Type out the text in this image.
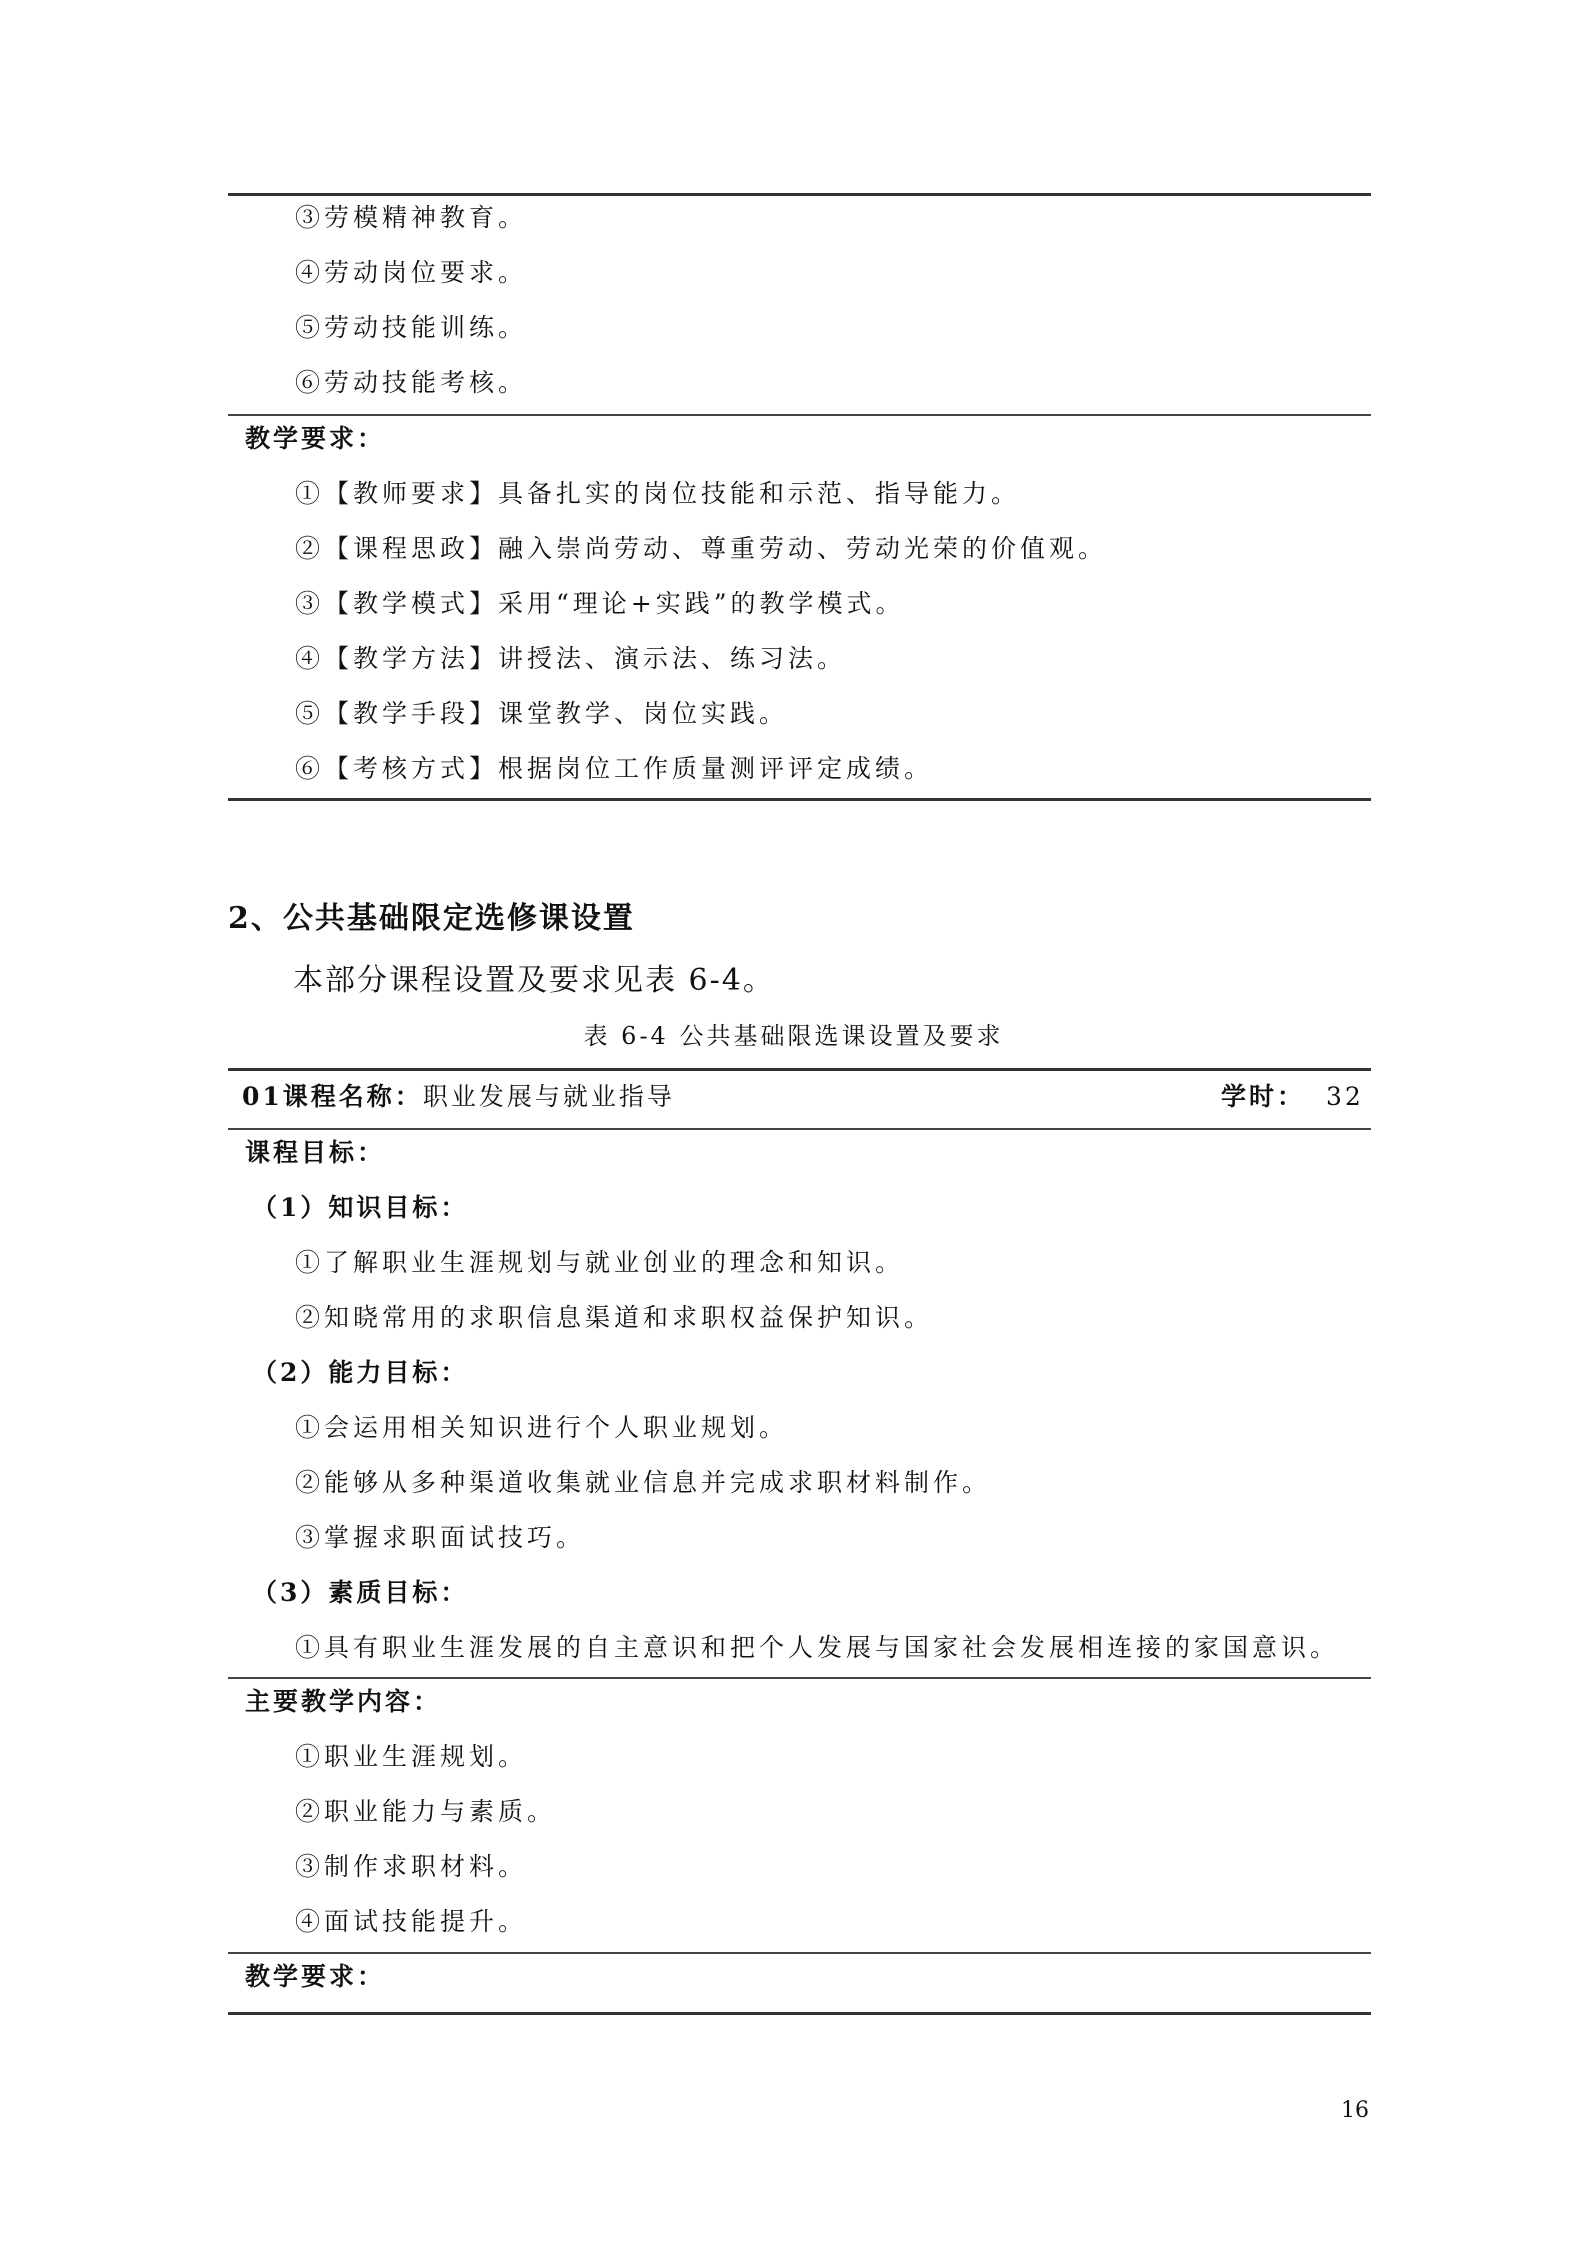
③劳模精神教育。
④劳动岗位要求。
⑤劳动技能训练。
⑥劳动技能考核。
教学要求：
①【教师要求】具备扎实的岗位技能和示范、指导能力。
②【课程思政】融入崇尚劳动、尊重劳动、劳动光荣的价值观。
③【教学模式】采用“理论+实践”的教学模式。
④【教学方法】讲授法、演示法、练习法。
⑤【教学手段】课堂教学、岗位实践。
⑥【考核方式】根据岗位工作质量测评评定成绩。
2、公共基础限定选修课设置
本部分课程设置及要求见表 6-4。
表 6-4 公共基础限选课设置及要求
01课程名称：职业发展与就业指导	学时： 32
课程目标：
（1）知识目标：
①了解职业生涯规划与就业创业的理念和知识。
②知晓常用的求职信息渠道和求职权益保护知识。
（2）能力目标：
①会运用相关知识进行个人职业规划。
②能够从多种渠道收集就业信息并完成求职材料制作。
③掌握求职面试技巧。
（3）素质目标：
①具有职业生涯发展的自主意识和把个人发展与国家社会发展相连接的家国意识。
主要教学内容：
①职业生涯规划。
②职业能力与素质。
③制作求职材料。
④面试技能提升。
教学要求：
16
